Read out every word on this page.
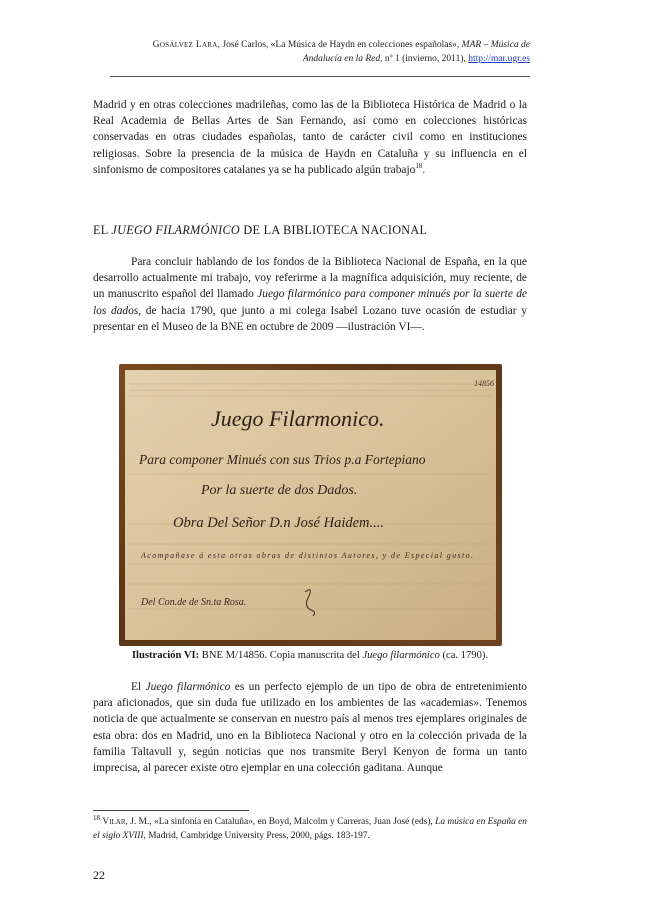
Gosálvez Lara, José Carlos, «La Música de Haydn en colecciones españolas», MAR – Música de
Andalucía en la Red, nº 1 (invierno, 2011), http://mar.ugr.es

Madrid y en otras colecciones madrileñas, como las de la Biblioteca Histórica de Madrid o la Real Academia de Bellas Artes de San Fernando, así como en colecciones históricas conservadas en otras ciudades españolas, tanto de carácter civil como en instituciones religiosas. Sobre la presencia de la música de Haydn en Cataluña y su influencia en el sinfonismo de compositores catalanes ya se ha publicado algún trabajo$^{18}$.

EL JUEGO FILARMÓNICO DE LA BIBLIOTECA NACIONAL

Para concluir hablando de los fondos de la Biblioteca Nacional de España, en la que desarrollo actualmente mi trabajo, voy referirme a la magnífica adquisición, muy reciente, de un manuscrito español del llamado Juego filarmónico para componer minués por la suerte de los dados, de hacia 1790, que junto a mi colega Isabel Lozano tuve ocasión de estudiar y presentar en el Museo de la BNE en octubre de 2009 —ilustración VI—.

14856
Juego Filarmonico.
Para componer Minués con sus Trios p.a Fortepiano
Por la suerte de dos Dados.
Obra Del Señor D.n José Haidem....
Acompañase á esta otras obras de distintos Autores, y de Especial gusto.
Del Con.de de Sn.ta Rosa.

Ilustración VI: BNE M/14856. Copia manuscrita del Juego filarmónico (ca. 1790).

El Juego filarmónico es un perfecto ejemplo de un tipo de obra de entretenimiento para aficionados, que sin duda fue utilizado en los ambientes de las «academias». Tenemos noticia de que actualmente se conservan en nuestro país al menos tres ejemplares originales de esta obra: dos en Madrid, uno en la Biblioteca Nacional y otro en la colección privada de la familia Taltavull y, según noticias que nos transmite Beryl Kenyon de forma un tanto imprecisa, al parecer existe otro ejemplar en una colección gaditana. Aunque

$^{18}$ Vilar, J. M., «La sinfonía en Cataluña», en Boyd, Malcolm y Carreras, Juan José (eds), La música en España en el siglo XVIII, Madrid, Cambridge University Press, 2000, págs. 183-197.

22
